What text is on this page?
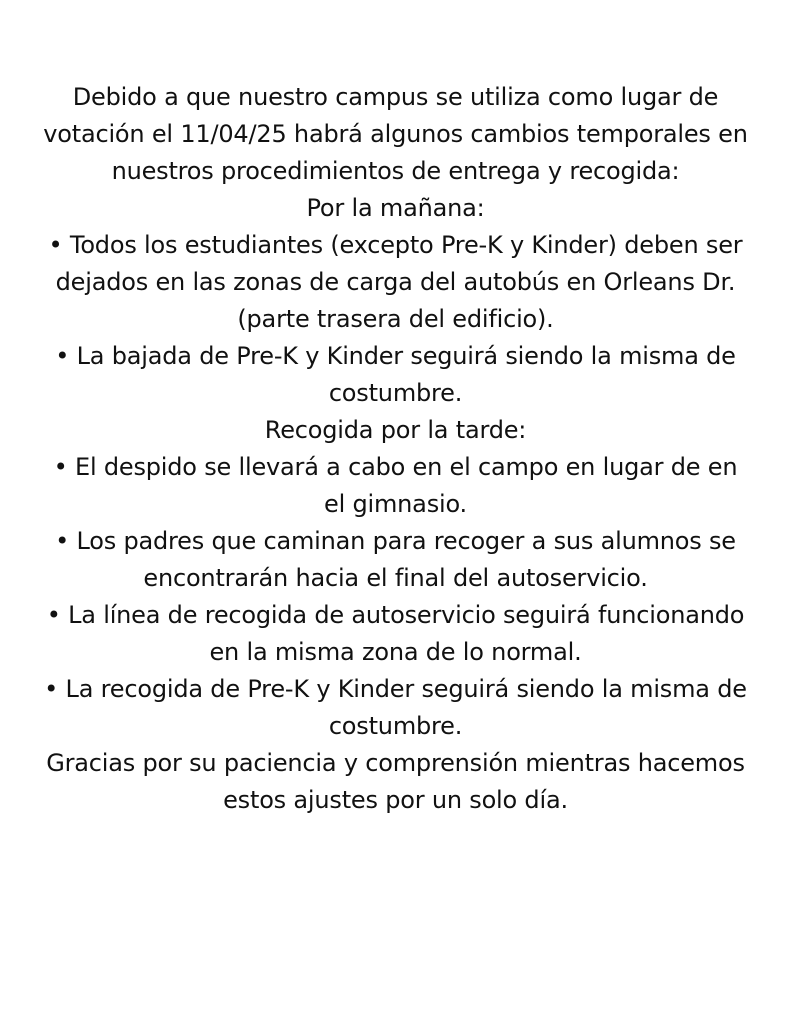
Debido a que nuestro campus se utiliza como lugar de votación el 11/04/25 habrá algunos cambios temporales en nuestros procedimientos de entrega y recogida:

Por la mañana:

• Todos los estudiantes (excepto Pre-K y Kinder) deben ser dejados en las zonas de carga del autobús en Orleans Dr. (parte trasera del edificio).

• La bajada de Pre-K y Kinder seguirá siendo la misma de costumbre.

Recogida por la tarde:

• El despido se llevará a cabo en el campo en lugar de en el gimnasio.

• Los padres que caminan para recoger a sus alumnos se encontrarán hacia el final del autoservicio.

• La línea de recogida de autoservicio seguirá funcionando en la misma zona de lo normal.

• La recogida de Pre-K y Kinder seguirá siendo la misma de costumbre.

Gracias por su paciencia y comprensión mientras hacemos estos ajustes por un solo día.
